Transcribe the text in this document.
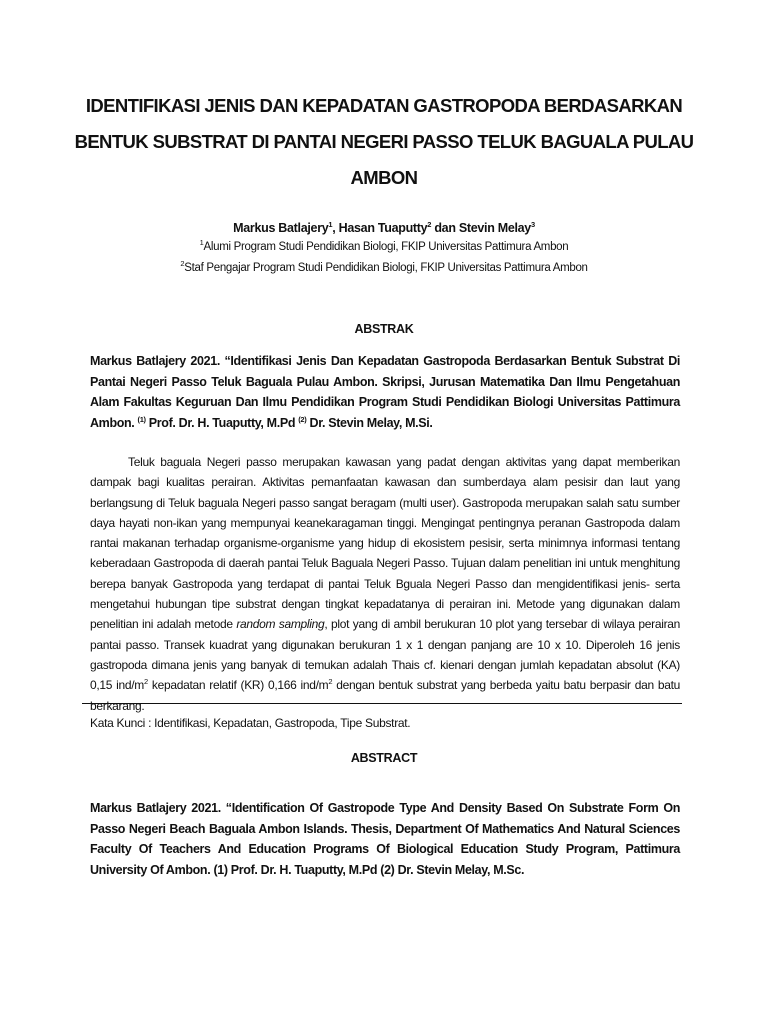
IDENTIFIKASI JENIS DAN KEPADATAN GASTROPODA BERDASARKAN
BENTUK SUBSTRAT DI PANTAI NEGERI PASSO TELUK BAGUALA PULAU
AMBON
Markus Batlajery$^1$, Hasan Tuaputty$^2$ dan Stevin Melay$^3$
$^1$Alumi Program Studi Pendidikan Biologi, FKIP Universitas Pattimura Ambon
$^2$Staf Pengajar Program Studi Pendidikan Biologi, FKIP Universitas Pattimura Ambon
ABSTRAK
Markus Batlajery 2021. “Identifikasi Jenis Dan Kepadatan Gastropoda Berdasarkan Bentuk Substrat Di Pantai Negeri Passo Teluk Baguala Pulau Ambon. Skripsi, Jurusan Matematika Dan Ilmu Pengetahuan Alam Fakultas Keguruan Dan Ilmu Pendidikan Program Studi Pendidikan Biologi Universitas Pattimura Ambon. $^{(1)}$ Prof. Dr. H. Tuaputty, M.Pd $^{(2)}$ Dr. Stevin Melay, M.Si.

Teluk baguala Negeri passo merupakan kawasan yang padat dengan aktivitas yang dapat memberikan dampak bagi kualitas perairan. Aktivitas pemanfaatan kawasan dan sumberdaya alam pesisir dan laut yang berlangsung di Teluk baguala Negeri passo sangat beragam (multi user). Gastropoda merupakan salah satu sumber daya hayati non-ikan yang mempunyai keanekaragaman tinggi. Mengingat pentingnya peranan Gastropoda dalam rantai makanan terhadap organisme-organisme yang hidup di ekosistem pesisir, serta minimnya informasi tentang keberadaan Gastropoda di daerah pantai Teluk Baguala Negeri Passo. Tujuan dalam penelitian ini untuk menghitung berepa banyak Gastropoda yang terdapat di pantai Teluk Bguala Negeri Passo dan mengidentifikasi jenis- serta mengetahui hubungan tipe substrat dengan tingkat kepadatanya di perairan ini. Metode yang digunakan dalam penelitian ini adalah metode random sampling, plot yang di ambil berukuran 10 plot yang tersebar di wilaya perairan pantai passo. Transek kuadrat yang digunakan berukuran 1 x 1 dengan panjang are 10 x 10. Diperoleh 16 jenis gastropoda dimana jenis yang banyak di temukan adalah Thais cf. kienari dengan jumlah kepadatan absolut (KA) 0,15 ind/$m^2$ kepadatan relatif (KR) 0,166 ind/$m^2$ dengan bentuk substrat yang berbeda yaitu batu berpasir dan batu berkarang.

Kata Kunci : Identifikasi, Kepadatan, Gastropoda, Tipe Substrat.
ABSTRACT
Markus Batlajery 2021. “Identification Of Gastropode Type And Density Based On Substrate Form On Passo Negeri Beach Baguala Ambon Islands. Thesis, Department Of Mathematics And Natural Sciences Faculty Of Teachers And Education Programs Of Biological Education Study Program, Pattimura University Of Ambon. (1) Prof. Dr. H. Tuaputty, M.Pd (2) Dr. Stevin Melay, M.Sc.
